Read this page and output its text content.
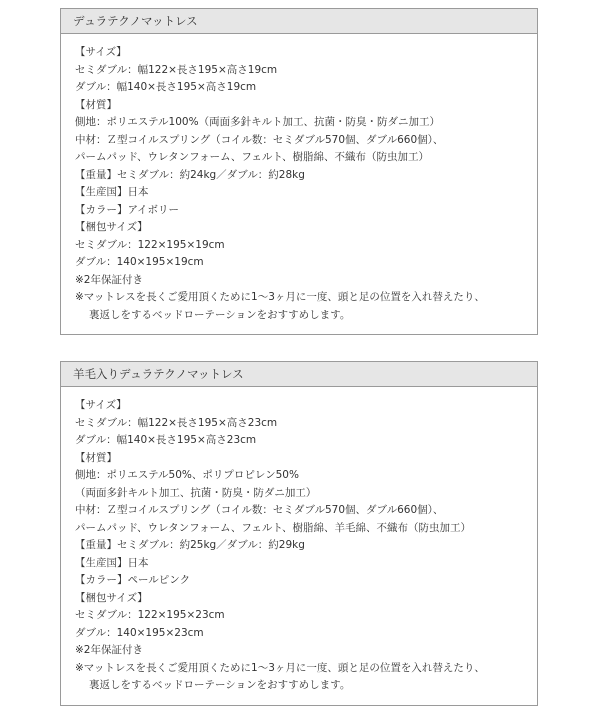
デュラテクノマットレス
【サイズ】
セミダブル：幅122×長さ195×高さ19cm
ダブル：幅140×長さ195×高さ19cm
【材質】
側地：ポリエステル100%（両面多針キルト加工、抗菌・防臭・防ダニ加工）
中材：Ｚ型コイルスプリング（コイル数：セミダブル570個、ダブル660個）、
パームパッド、ウレタンフォーム、フェルト、樹脂綿、不織布（防虫加工）
【重量】セミダブル：約24kg／ダブル：約28kg
【生産国】日本
【カラー】アイボリー
【梱包サイズ】
セミダブル：122×195×19cm
ダブル：140×195×19cm
※2年保証付き
※マットレスを長くご愛用頂くために1〜3ヶ月に一度、頭と足の位置を入れ替えたり、
裏返しをするベッドローテーションをおすすめします。
羊毛入りデュラテクノマットレス
【サイズ】
セミダブル：幅122×長さ195×高さ23cm
ダブル：幅140×長さ195×高さ23cm
【材質】
側地：ポリエステル50%、ポリプロピレン50%
（両面多針キルト加工、抗菌・防臭・防ダニ加工）
中材：Ｚ型コイルスプリング（コイル数：セミダブル570個、ダブル660個）、
パームパッド、ウレタンフォーム、フェルト、樹脂綿、羊毛綿、不織布（防虫加工）
【重量】セミダブル：約25kg／ダブル：約29kg
【生産国】日本
【カラー】ペールピンク
【梱包サイズ】
セミダブル：122×195×23cm
ダブル：140×195×23cm
※2年保証付き
※マットレスを長くご愛用頂くために1〜3ヶ月に一度、頭と足の位置を入れ替えたり、
裏返しをするベッドローテーションをおすすめします。
